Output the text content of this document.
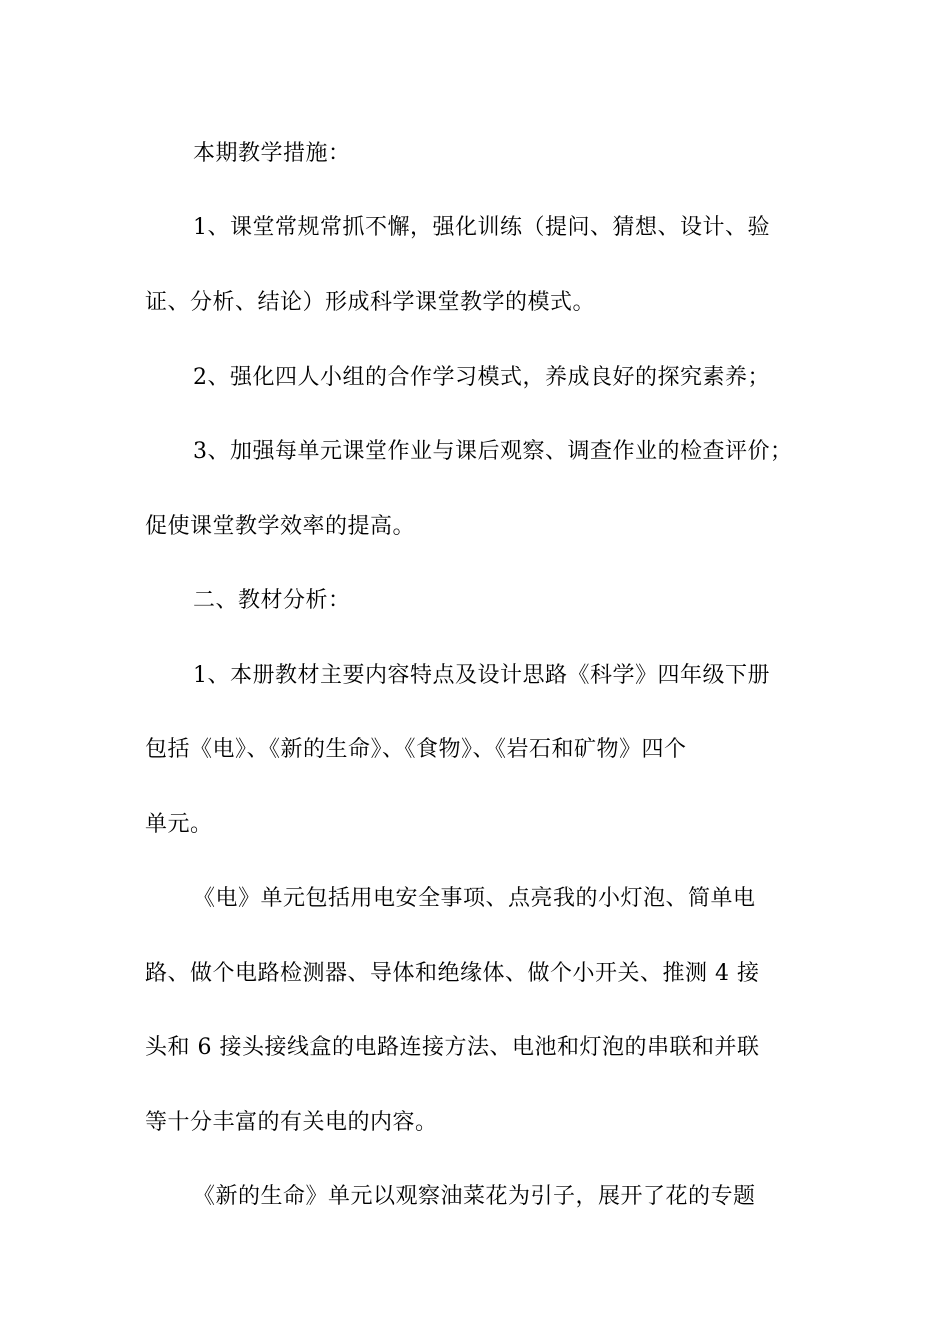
本期教学措施：
1、课堂常规常抓不懈，强化训练（提问、猜想、设计、验
证、分析、结论）形成科学课堂教学的模式。
2、强化四人小组的合作学习模式，养成良好的探究素养；
3、加强每单元课堂作业与课后观察、调查作业的检查评价；
促使课堂教学效率的提高。
二、教材分析：
1、本册教材主要内容特点及设计思路《科学》四年级下册
包括《电》、《新的生命》、《食物》、《岩石和矿物》四个
单元。
《电》单元包括用电安全事项、点亮我的小灯泡、简单电
路、做个电路检测器、导体和绝缘体、做个小开关、推测 4 接
头和 6 接头接线盒的电路连接方法、电池和灯泡的串联和并联
等十分丰富的有关电的内容。
《新的生命》单元以观察油菜花为引子，展开了花的专题
